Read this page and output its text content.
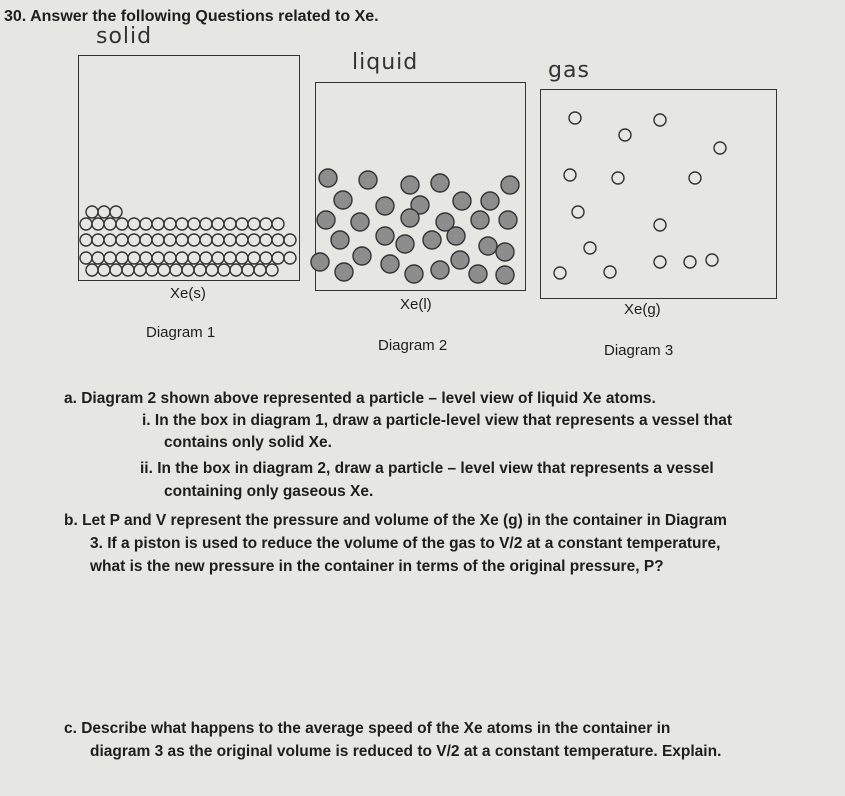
30. Answer the following Questions related to Xe.
solid
liquid	gas
Xe(s)
Xe(l)	Xe(g)
Diagram 1
Diagram 2	Diagram 3
a. Diagram 2 shown above represented a particle – level view of liquid Xe atoms.
i. In the box in diagram 1, draw a particle-level view that represents a vessel that
contains only solid Xe.
ii. In the box in diagram 2, draw a particle – level view that represents a vessel
containing only gaseous Xe.
b. Let P and V represent the pressure and volume of the Xe (g) in the container in Diagram
3. If a piston is used to reduce the volume of the gas to V/2 at a constant temperature,
what is the new pressure in the container in terms of the original pressure, P?
c. Describe what happens to the average speed of the Xe atoms in the container in
diagram 3 as the original volume is reduced to V/2 at a constant temperature. Explain.
